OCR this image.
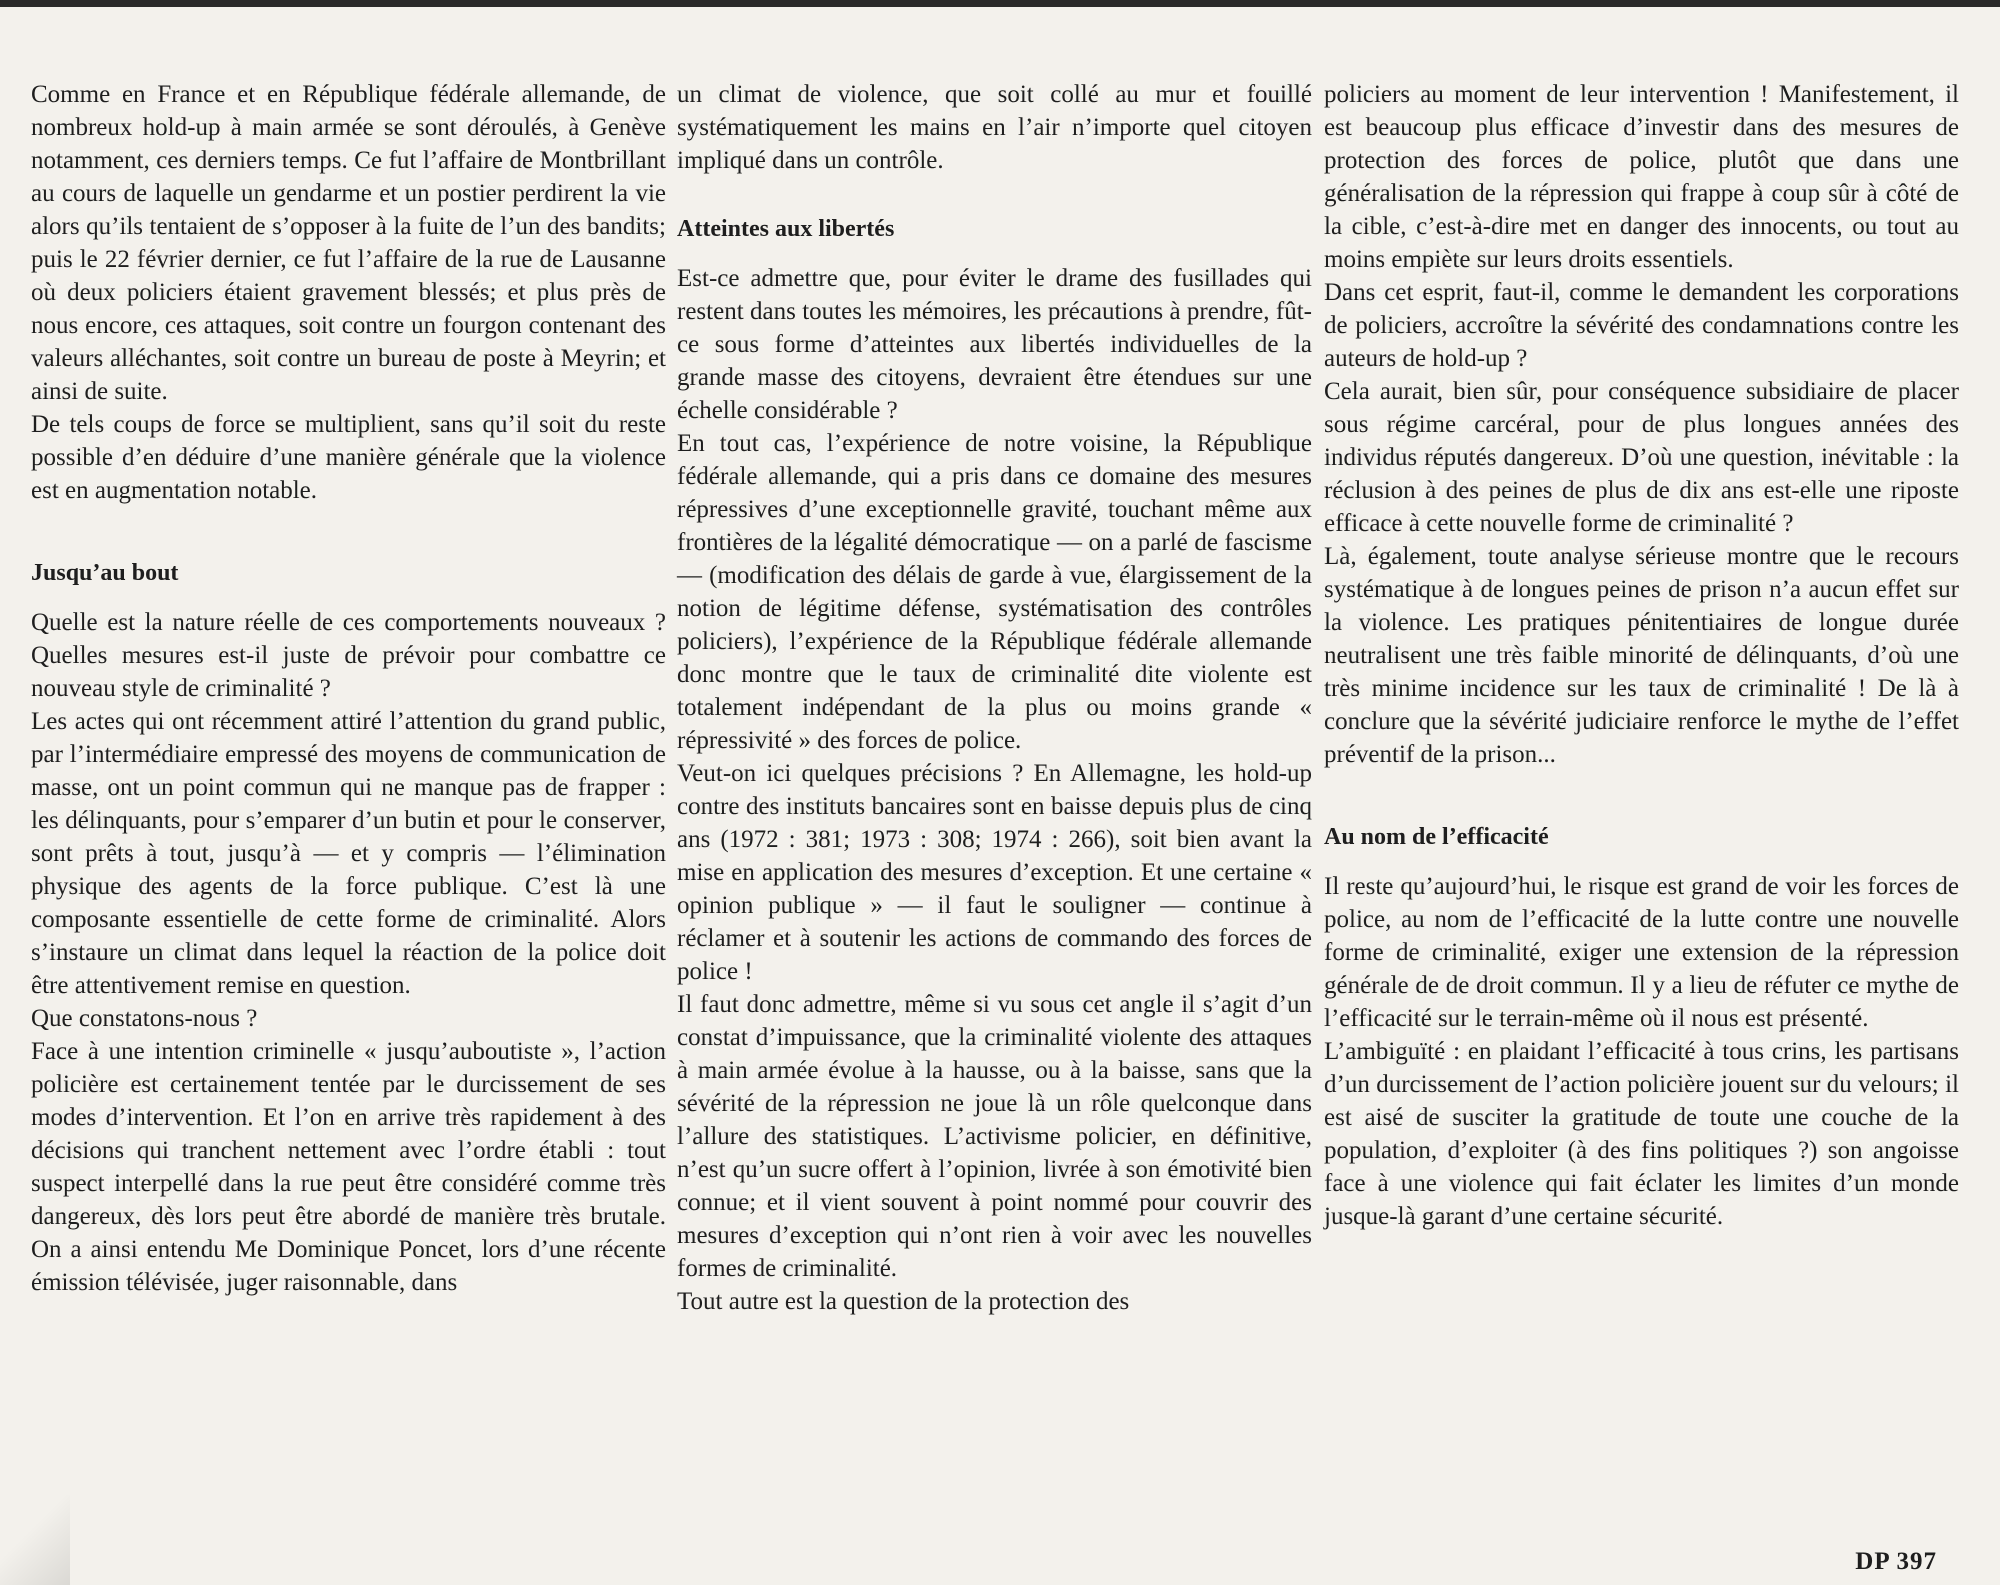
Comme en France et en République fédérale allemande, de nombreux hold-up à main armée se sont déroulés, à Genève notamment, ces derniers temps. Ce fut l’affaire de Montbrillant au cours de laquelle un gendarme et un postier perdirent la vie alors qu’ils tentaient de s’opposer à la fuite de l’un des bandits; puis le 22 février dernier, ce fut l’affaire de la rue de Lausanne où deux policiers étaient gravement blessés; et plus près de nous encore, ces attaques, soit contre un fourgon contenant des valeurs alléchantes, soit contre un bureau de poste à Meyrin; et ainsi de suite.

De tels coups de force se multiplient, sans qu’il soit du reste possible d’en déduire d’une manière générale que la violence est en augmentation notable.

Jusqu’au bout

Quelle est la nature réelle de ces comportements nouveaux ? Quelles mesures est-il juste de prévoir pour combattre ce nouveau style de criminalité ?

Les actes qui ont récemment attiré l’attention du grand public, par l’intermédiaire empressé des moyens de communication de masse, ont un point commun qui ne manque pas de frapper : les délinquants, pour s’emparer d’un butin et pour le conserver, sont prêts à tout, jusqu’à — et y compris — l’élimination physique des agents de la force publique. C’est là une composante essentielle de cette forme de criminalité. Alors s’instaure un climat dans lequel la réaction de la police doit être attentivement remise en question.

Que constatons-nous ?

Face à une intention criminelle « jusqu’auboutiste », l’action policière est certainement tentée par le durcissement de ses modes d’intervention. Et l’on en arrive très rapidement à des décisions qui tranchent nettement avec l’ordre établi : tout suspect interpellé dans la rue peut être considéré comme très dangereux, dès lors peut être abordé de manière très brutale. On a ainsi entendu Me Dominique Poncet, lors d’une récente émission télévisée, juger raisonnable, dans

un climat de violence, que soit collé au mur et fouillé systématiquement les mains en l’air n’importe quel citoyen impliqué dans un contrôle.

Atteintes aux libertés

Est-ce admettre que, pour éviter le drame des fusillades qui restent dans toutes les mémoires, les précautions à prendre, fût-ce sous forme d’atteintes aux libertés individuelles de la grande masse des citoyens, devraient être étendues sur une échelle considérable ?

En tout cas, l’expérience de notre voisine, la République fédérale allemande, qui a pris dans ce domaine des mesures répressives d’une exceptionnelle gravité, touchant même aux frontières de la légalité démocratique — on a parlé de fascisme — (modification des délais de garde à vue, élargissement de la notion de légitime défense, systématisation des contrôles policiers), l’expérience de la République fédérale allemande donc montre que le taux de criminalité dite violente est totalement indépendant de la plus ou moins grande « répressivité » des forces de police.

Veut-on ici quelques précisions ? En Allemagne, les hold-up contre des instituts bancaires sont en baisse depuis plus de cinq ans (1972 : 381; 1973 : 308; 1974 : 266), soit bien avant la mise en application des mesures d’exception. Et une certaine « opinion publique » — il faut le souligner — continue à réclamer et à soutenir les actions de commando des forces de police !

Il faut donc admettre, même si vu sous cet angle il s’agit d’un constat d’impuissance, que la criminalité violente des attaques à main armée évolue à la hausse, ou à la baisse, sans que la sévérité de la répression ne joue là un rôle quelconque dans l’allure des statistiques. L’activisme policier, en définitive, n’est qu’un sucre offert à l’opinion, livrée à son émotivité bien connue; et il vient souvent à point nommé pour couvrir des mesures d’exception qui n’ont rien à voir avec les nouvelles formes de criminalité.

Tout autre est la question de la protection des

policiers au moment de leur intervention ! Manifestement, il est beaucoup plus efficace d’investir dans des mesures de protection des forces de police, plutôt que dans une généralisation de la répression qui frappe à coup sûr à côté de la cible, c’est-à-dire met en danger des innocents, ou tout au moins empiète sur leurs droits essentiels.

Dans cet esprit, faut-il, comme le demandent les corporations de policiers, accroître la sévérité des condamnations contre les auteurs de hold-up ?

Cela aurait, bien sûr, pour conséquence subsidiaire de placer sous régime carcéral, pour de plus longues années des individus réputés dangereux. D’où une question, inévitable : la réclusion à des peines de plus de dix ans est-elle une riposte efficace à cette nouvelle forme de criminalité ?

Là, également, toute analyse sérieuse montre que le recours systématique à de longues peines de prison n’a aucun effet sur la violence. Les pratiques pénitentiaires de longue durée neutralisent une très faible minorité de délinquants, d’où une très minime incidence sur les taux de criminalité ! De là à conclure que la sévérité judiciaire renforce le mythe de l’effet préventif de la prison...

Au nom de l’efficacité

Il reste qu’aujourd’hui, le risque est grand de voir les forces de police, au nom de l’efficacité de la lutte contre une nouvelle forme de criminalité, exiger une extension de la répression générale de de droit commun. Il y a lieu de réfuter ce mythe de l’efficacité sur le terrain-même où il nous est présenté.

L’ambiguïté : en plaidant l’efficacité à tous crins, les partisans d’un durcissement de l’action policière jouent sur du velours; il est aisé de susciter la gratitude de toute une couche de la population, d’exploiter (à des fins politiques ?) son angoisse face à une violence qui fait éclater les limites d’un monde jusque-là garant d’une certaine sécurité.

DP 397
